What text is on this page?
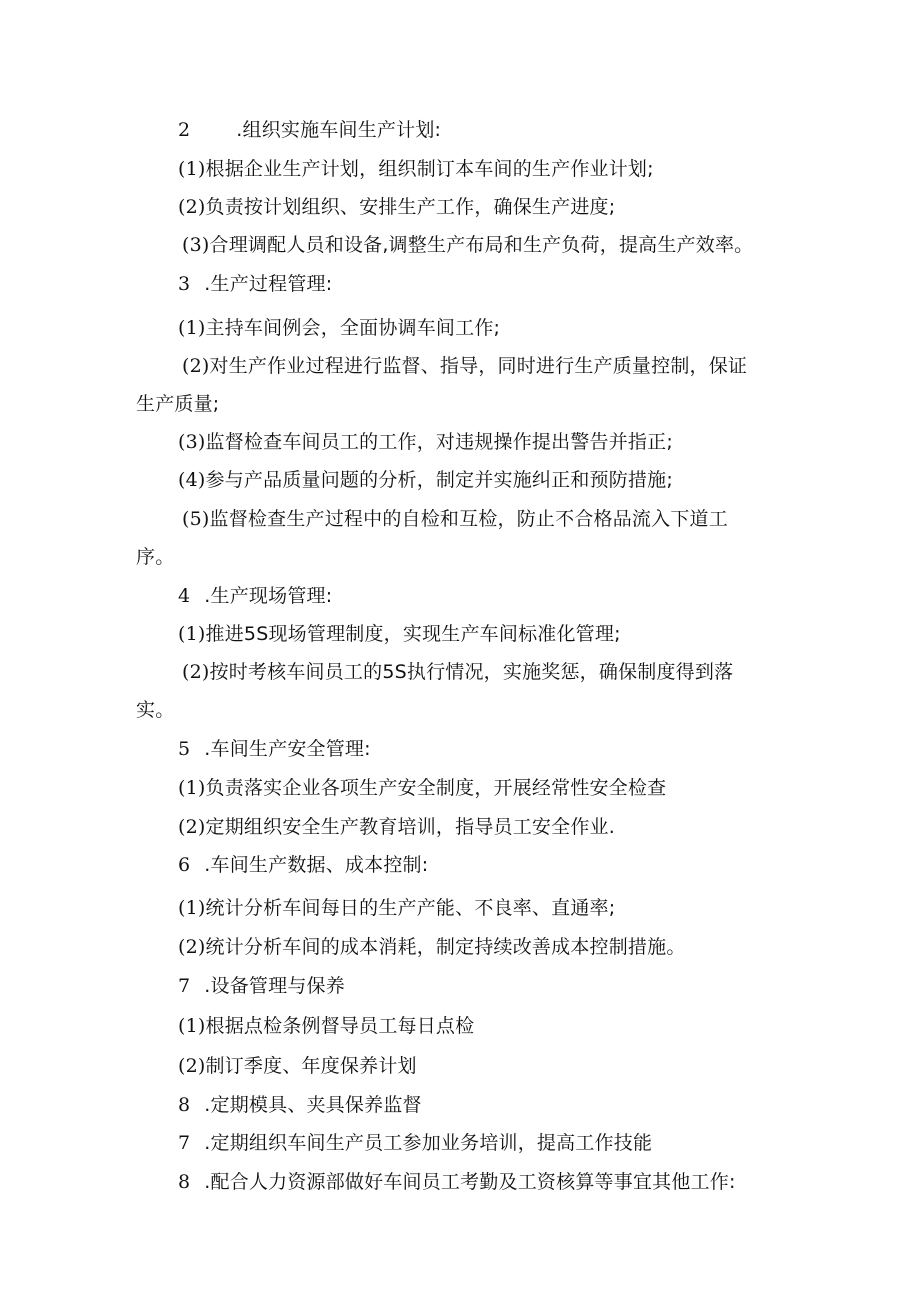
2 .组织实施车间生产计划:
(1)根据企业生产计划，组织制订本车间的生产作业计划;
(2)负责按计划组织、安排生产工作，确保生产进度;
(3)合理调配人员和设备,调整生产布局和生产负荷，提高生产效率。
3 .生产过程管理:
(1)主持车间例会，全面协调车间工作;
(2)对生产作业过程进行监督、指导，同时进行生产质量控制，保证
生产质量;
(3)监督检查车间员工的工作，对违规操作提出警告并指正;
(4)参与产品质量问题的分析，制定并实施纠正和预防措施;
(5)监督检查生产过程中的自检和互检，防止不合格品流入下道工
序。
4 .生产现场管理:
(1)推进5S现场管理制度，实现生产车间标准化管理;
(2)按时考核车间员工的5S执行情况，实施奖惩，确保制度得到落
实。
5 .车间生产安全管理:
(1)负责落实企业各项生产安全制度，开展经常性安全检查
(2)定期组织安全生产教育培训，指导员工安全作业.
6 .车间生产数据、成本控制:
(1)统计分析车间每日的生产产能、不良率、直通率;
(2)统计分析车间的成本消耗，制定持续改善成本控制措施。
7 .设备管理与保养
(1)根据点检条例督导员工每日点检
(2)制订季度、年度保养计划
8 .定期模具、夹具保养监督
7 .定期组织车间生产员工参加业务培训，提高工作技能
8 .配合人力资源部做好车间员工考勤及工资核算等事宜其他工作:
